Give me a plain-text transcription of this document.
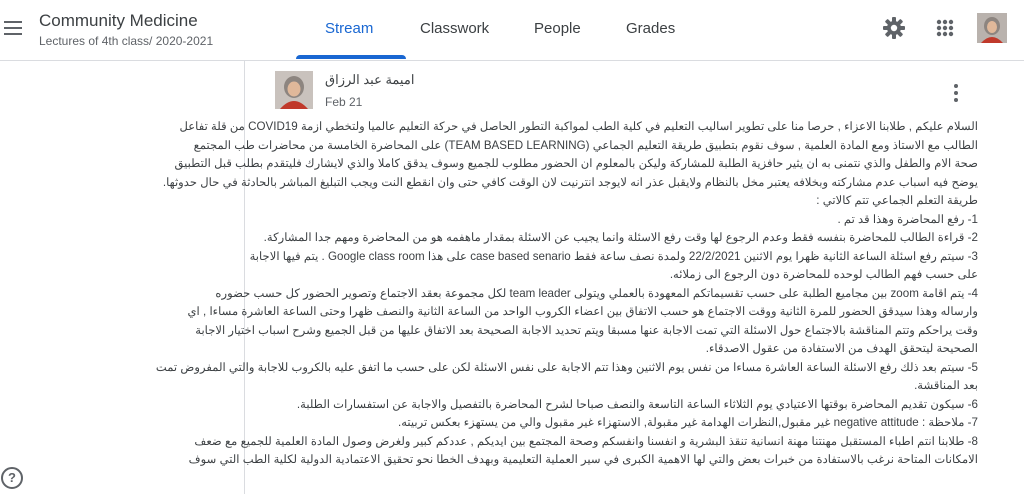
Community Medicine
Lectures of 4th class/ 2020-2021
Stream	Classwork	People	Grades
اميمة عبد الرزاق
Feb 21

السلام عليكم , طلابنا الاعزاء , حرصا منا على تطوير اساليب التعليم في كلية الطب لمواكبة التطور الحاصل في حركة التعليم عالميا ولتخطي ازمة COVID19 من قلة تفاعل

الطالب مع الاستاذ ومع المادة العلمية , سوف نقوم بتطبيق طريقة التعليم الجماعي (TEAM BASED LEARNING) على المحاضرة الخامسة من محاضرات طب المجتمع

صحة الام والطفل والذي نتمنى به ان يثير حافزية الطلبة للمشاركة وليكن بالمعلوم ان الحضور مطلوب للجميع وسوف يدقق كاملا والذي لايشارك فليتقدم بطلب قبل التطبيق

يوضح فيه اسباب عدم مشاركته وبخلافه يعتبر مخل بالنظام ولايقبل عذر انه لايوجد انترنيت لان الوقت كافي حتى وان انقطع النت ويجب التبليغ المباشر بالحادثة في حال حدوثها.

طريقة التعلم الجماعي تتم كالاتي :

1- رفع المحاضرة وهذا قد تم .

2- قراءة الطالب للمحاضرة بنفسه فقط وعدم الرجوع لها وقت رفع الاسئلة وانما يجيب عن الاسئلة بمقدار ماهفمه هو من المحاضرة ومهم جدا المشاركة.

3- سيتم رفع اسئلة الساعة الثانية ظهرا يوم الاثنين 22/2/2021 ولمدة نصف ساعة فقط case based senario على هذا Google class room . يتم فيها الاجابة

على حسب فهم الطالب لوحده للمحاضرة دون الرجوع الى زملائه.

4- يتم اقامة zoom بين مجاميع الطلبة على حسب تقسيماتكم المعهودة بالعملي ويتولى team leader لكل مجموعة بعقد الاجتماع وتصوير الحضور كل حسب حضوره

وارساله وهذا سيدقق الحضور للمرة الثانية ووقت الاجتماع هو حسب الاتفاق بين اعضاء الكروب الواحد من الساعة الثانية والنصف ظهرا وحتى الساعة العاشرة مساءا , اي

وقت يراحكم وتتم المناقشة بالاجتماع حول الاسئلة التي تمت الاجابة عنها مسبقا ويتم تحديد الاجابة الصحيحة بعد الاتفاق عليها من قبل الجميع وشرح اسباب اختيار الاجابة

الصحيحة ليتحقق الهدف من الاستفادة من عقول الاصدقاء.

5- سيتم بعد ذلك رفع الاسئلة الساعة العاشرة مساءا من نفس يوم الاثنين وهذا تتم الاجابة على نفس الاسئلة لكن على حسب ما اتفق عليه بالكروب للاجابة والتي المفروض تمت

بعد المناقشة.

6- سيكون تقديم المحاضرة بوقتها الاعتيادي يوم الثلاثاء الساعة التاسعة والنصف صباحا لشرح المحاضرة بالتفصيل والاجابة عن استفسارات الطلبة.

7- ملاحظة : negative attitude غير مقبول,النظرات الهدامة غير مقبولة, الاستهزاء غير مقبول والي من يستهزء بعكس تربيته.

8- طلابنا انتم اطباء المستقبل مهنتنا مهنة انسانية تنقذ البشرية و انفسنا وانفسكم وصحة المجتمع بين ايديكم , عددكم كبير ولغرض وصول المادة العلمية للجميع مع ضعف

الامكانات المتاحة نرغب بالاستفادة من خبرات بعض والتي لها الاهمية الكبرى في سير العملية التعليمية وبهدف الخطا نحو تحقيق الاعتمادية الدولية لكلية الطب التي سوف

?
